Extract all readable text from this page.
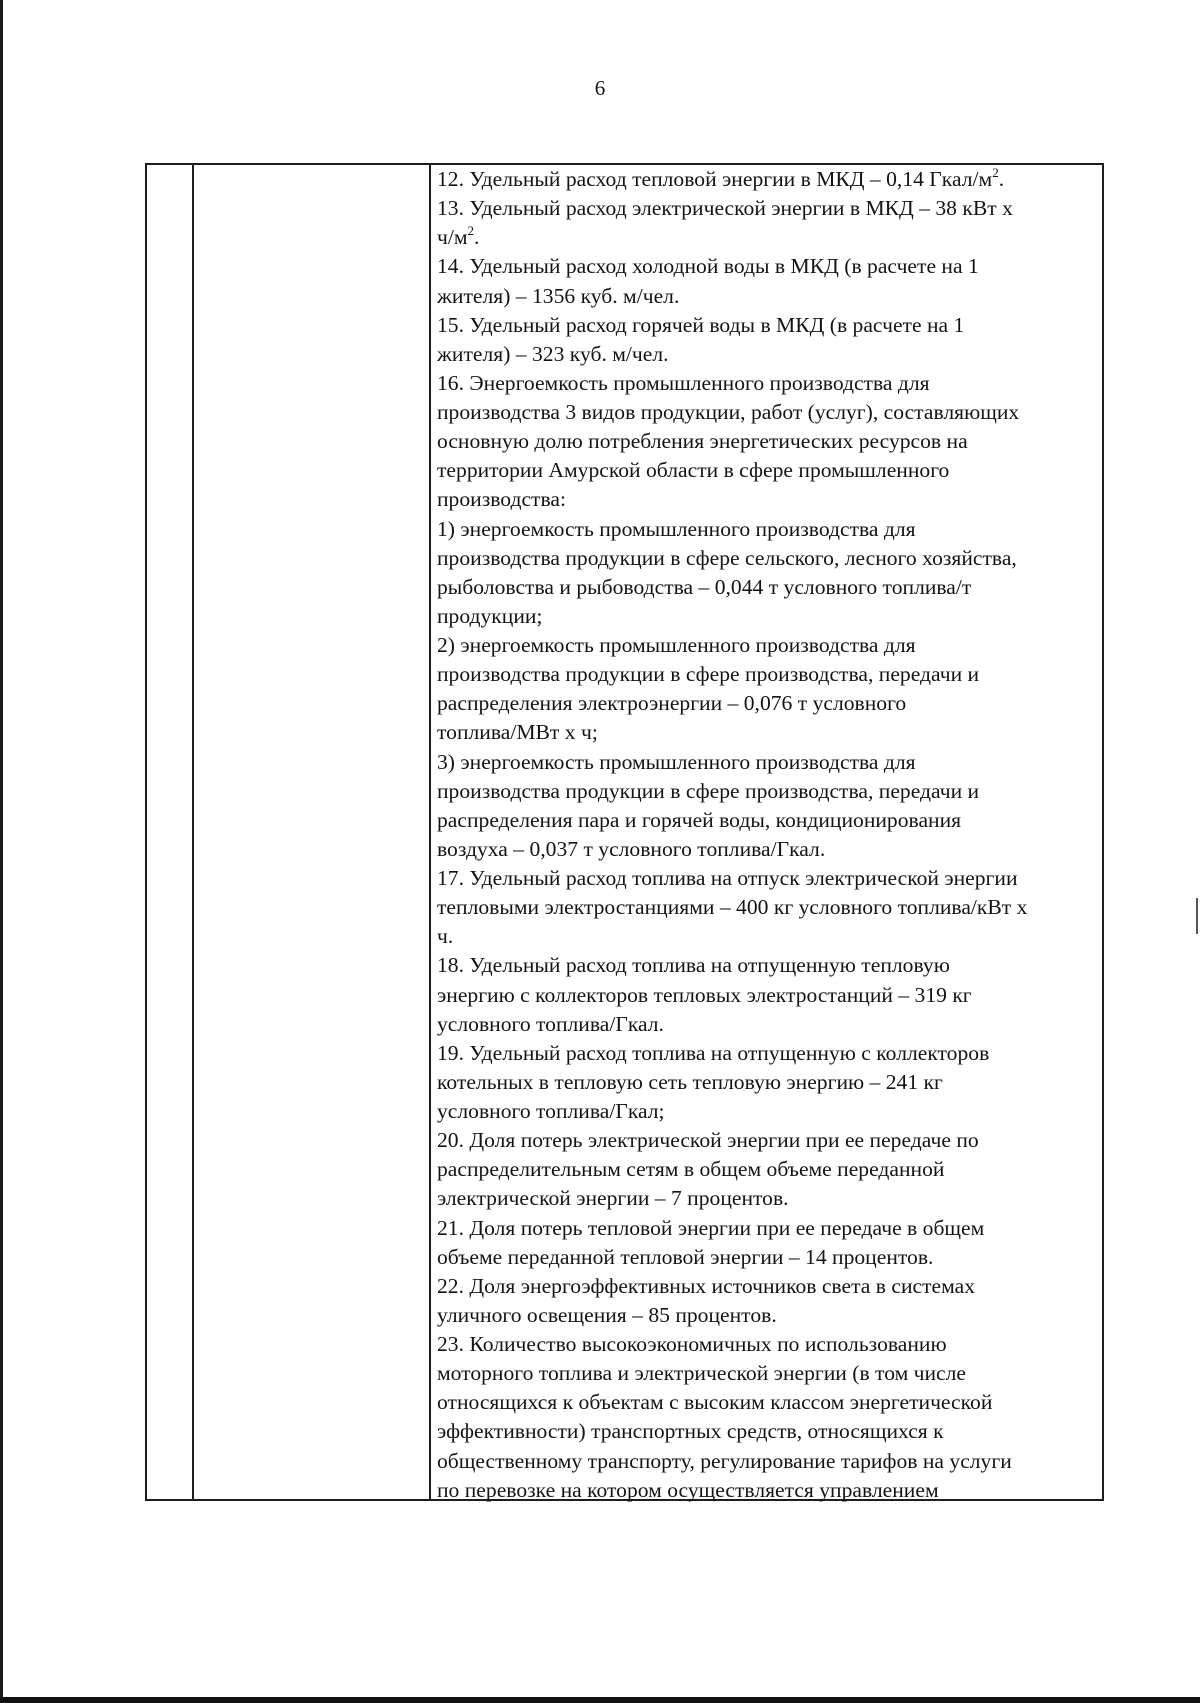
6
12. Удельный расход тепловой энергии в МКД – 0,14 Гкал/$м^2$.
13. Удельный расход электрической энергии в МКД – 38 кВт х
$ч/м^2$.
14. Удельный расход холодной воды в МКД (в расчете на 1
жителя) – 1356 куб. м/чел.
15. Удельный расход горячей воды в МКД (в расчете на 1
жителя) – 323 куб. м/чел.
16. Энергоемкость промышленного производства для
производства 3 видов продукции, работ (услуг), составляющих
основную долю потребления энергетических ресурсов на
территории Амурской области в сфере промышленного
производства:
1) энергоемкость промышленного производства для
производства продукции в сфере сельского, лесного хозяйства,
рыболовства и рыбоводства – 0,044 т условного топлива/т
продукции;
2) энергоемкость промышленного производства для
производства продукции в сфере производства, передачи и
распределения электроэнергии – 0,076 т условного
топлива/МВт х ч;
3) энергоемкость промышленного производства для
производства продукции в сфере производства, передачи и
распределения пара и горячей воды, кондиционирования
воздуха – 0,037 т условного топлива/Гкал.
17. Удельный расход топлива на отпуск электрической энергии
тепловыми электростанциями – 400 кг условного топлива/кВт х
ч.
18. Удельный расход топлива на отпущенную тепловую
энергию с коллекторов тепловых электростанций – 319 кг
условного топлива/Гкал.
19. Удельный расход топлива на отпущенную с коллекторов
котельных в тепловую сеть тепловую энергию – 241 кг
условного топлива/Гкал;
20. Доля потерь электрической энергии при ее передаче по
распределительным сетям в общем объеме переданной
электрической энергии – 7 процентов.
21. Доля потерь тепловой энергии при ее передаче в общем
объеме переданной тепловой энергии – 14 процентов.
22. Доля энергоэффективных источников света в системах
уличного освещения – 85 процентов.
23. Количество высокоэкономичных по использованию
моторного топлива и электрической энергии (в том числе
относящихся к объектам с высоким классом энергетической
эффективности) транспортных средств, относящихся к
общественному транспорту, регулирование тарифов на услуги
по перевозке на котором осуществляется управлением
